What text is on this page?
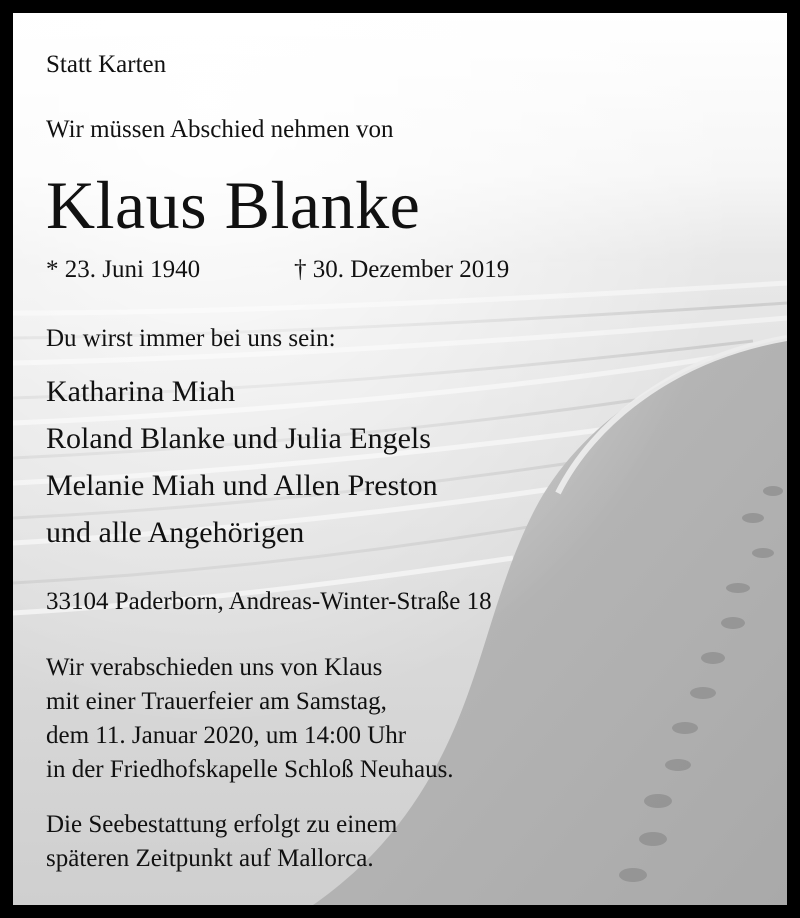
Statt Karten

Wir müssen Abschied nehmen von

Klaus Blanke

* 23. Juni 1940	† 30. Dezember 2019

Du wirst immer bei uns sein:

Katharina Miah
Roland Blanke und Julia Engels
Melanie Miah und Allen Preston
und alle Angehörigen

33104 Paderborn, Andreas-Winter-Straße 18

Wir verabschieden uns von Klaus
mit einer Trauerfeier am Samstag,
dem 11. Januar 2020, um 14:00 Uhr
in der Friedhofskapelle Schloß Neuhaus.
Die Seebestattung erfolgt zu einem
späteren Zeitpunkt auf Mallorca.
